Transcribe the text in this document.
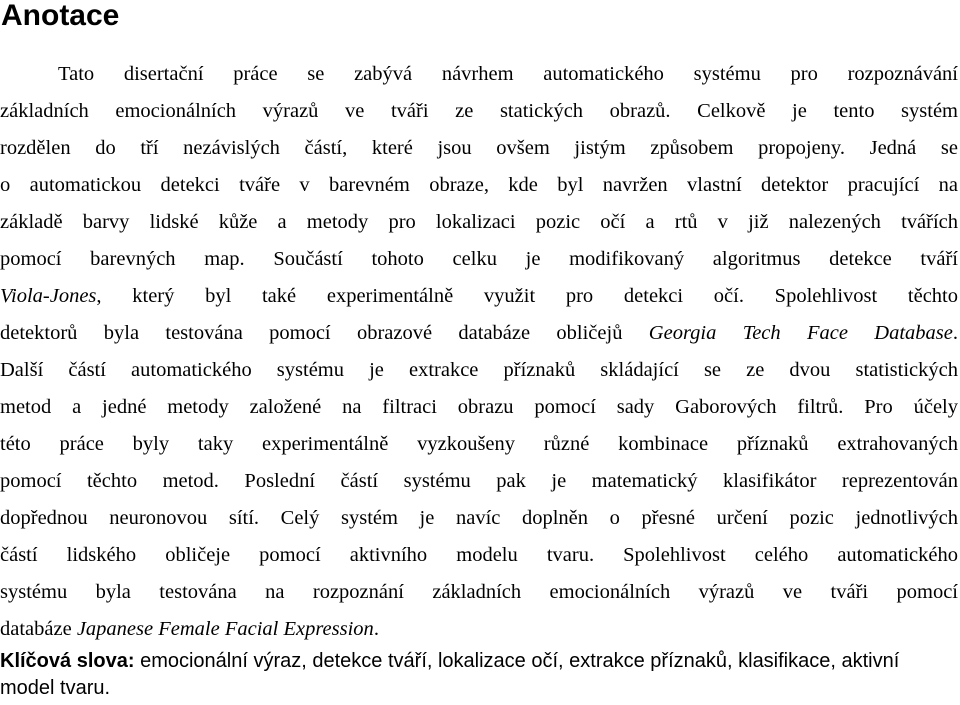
Anotace
Tato disertační práce se zabývá návrhem automatického systému pro rozpoznávání
základních emocionálních výrazů ve tváři ze statických obrazů. Celkově je tento systém
rozdělen do tří nezávislých částí, které jsou ovšem jistým způsobem propojeny. Jedná se
o automatickou detekci tváře v barevném obraze, kde byl navržen vlastní detektor pracující na
základě barvy lidské kůže a metody pro lokalizaci pozic očí a rtů v již nalezených tvářích
pomocí barevných map. Součástí tohoto celku je modifikovaný algoritmus detekce tváří
Viola-Jones, který byl také experimentálně využit pro detekci očí. Spolehlivost těchto
detektorů byla testována pomocí obrazové databáze obličejů Georgia Tech Face Database.
Další částí automatického systému je extrakce příznaků skládající se ze dvou statistických
metod a jedné metody založené na filtraci obrazu pomocí sady Gaborových filtrů. Pro účely
této práce byly taky experimentálně vyzkoušeny různé kombinace příznaků extrahovaných
pomocí těchto metod. Poslední částí systému pak je matematický klasifikátor reprezentován
dopřednou neuronovou sítí. Celý systém je navíc doplněn o přesné určení pozic jednotlivých
částí lidského obličeje pomocí aktivního modelu tvaru. Spolehlivost celého automatického
systému byla testována na rozpoznání základních emocionálních výrazů ve tváři pomocí
databáze Japanese Female Facial Expression.

Klíčová slova: emocionální výraz, detekce tváří, lokalizace očí, extrakce příznaků, klasifikace, aktivní model tvaru.
